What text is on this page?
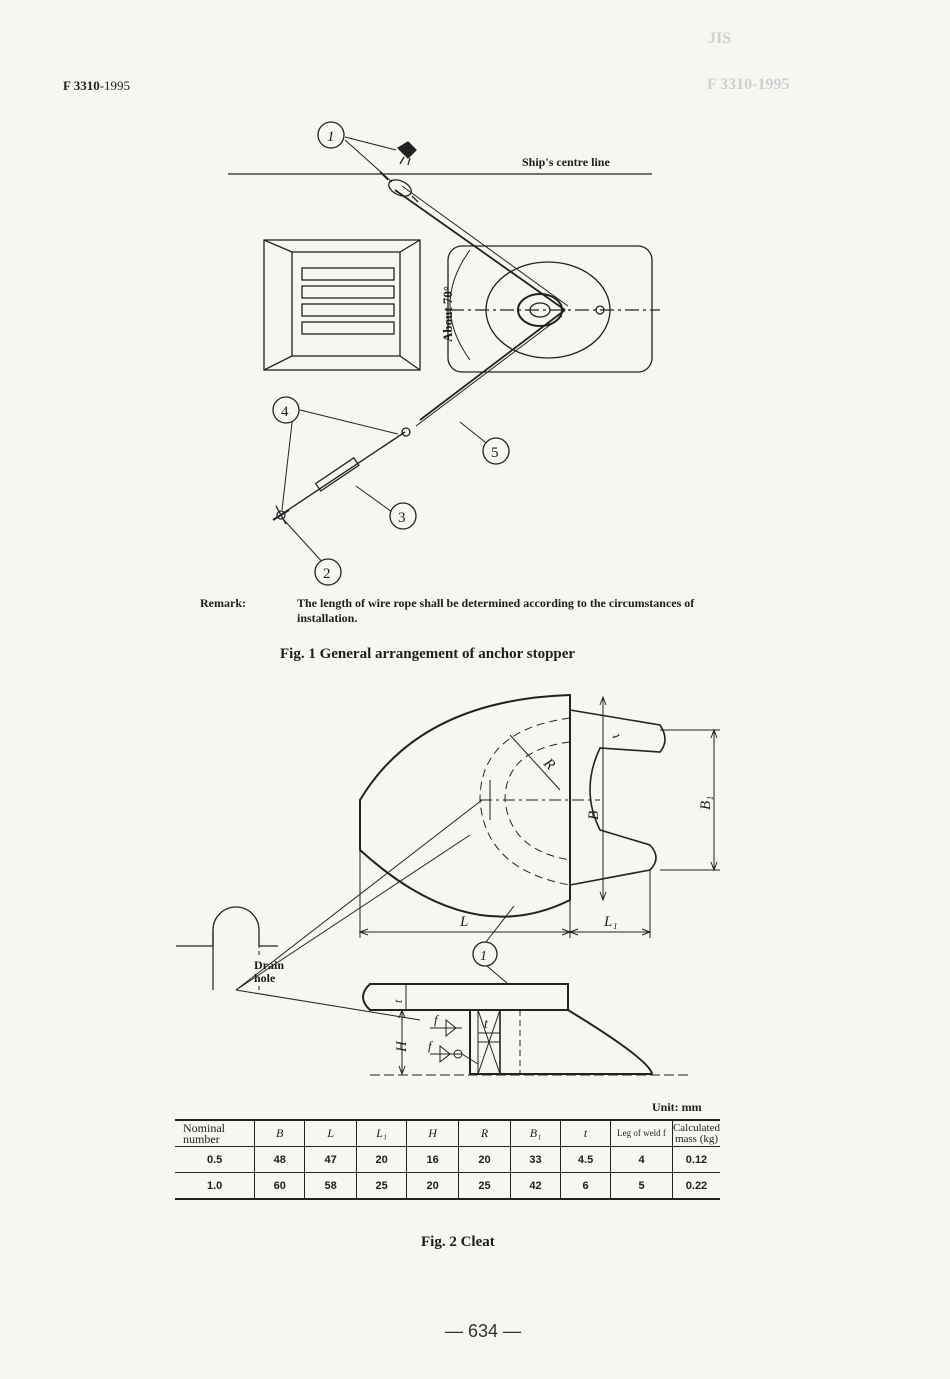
JIS
F 3310-1995
F 3310-1995
Ship's centre line
About 70°
1
4
5
3
2
Remark:	The length of wire rope shall be determined according to the circumstances of installation.
Fig. 1 General arrangement of anchor stopper
R
B
B₁
t
L	L₁
Drain
hole
1
H
t
t
f
f
Unit: mm
Nominal number	B	L	L₁	H	R	B₁	t	Leg of weld f	Calculated mass (kg)
0.5	48	47	20	16	20	33	4.5	4	0.12
1.0	60	58	25	20	25	42	6	5	0.22
Fig. 2 Cleat
— 634 —
